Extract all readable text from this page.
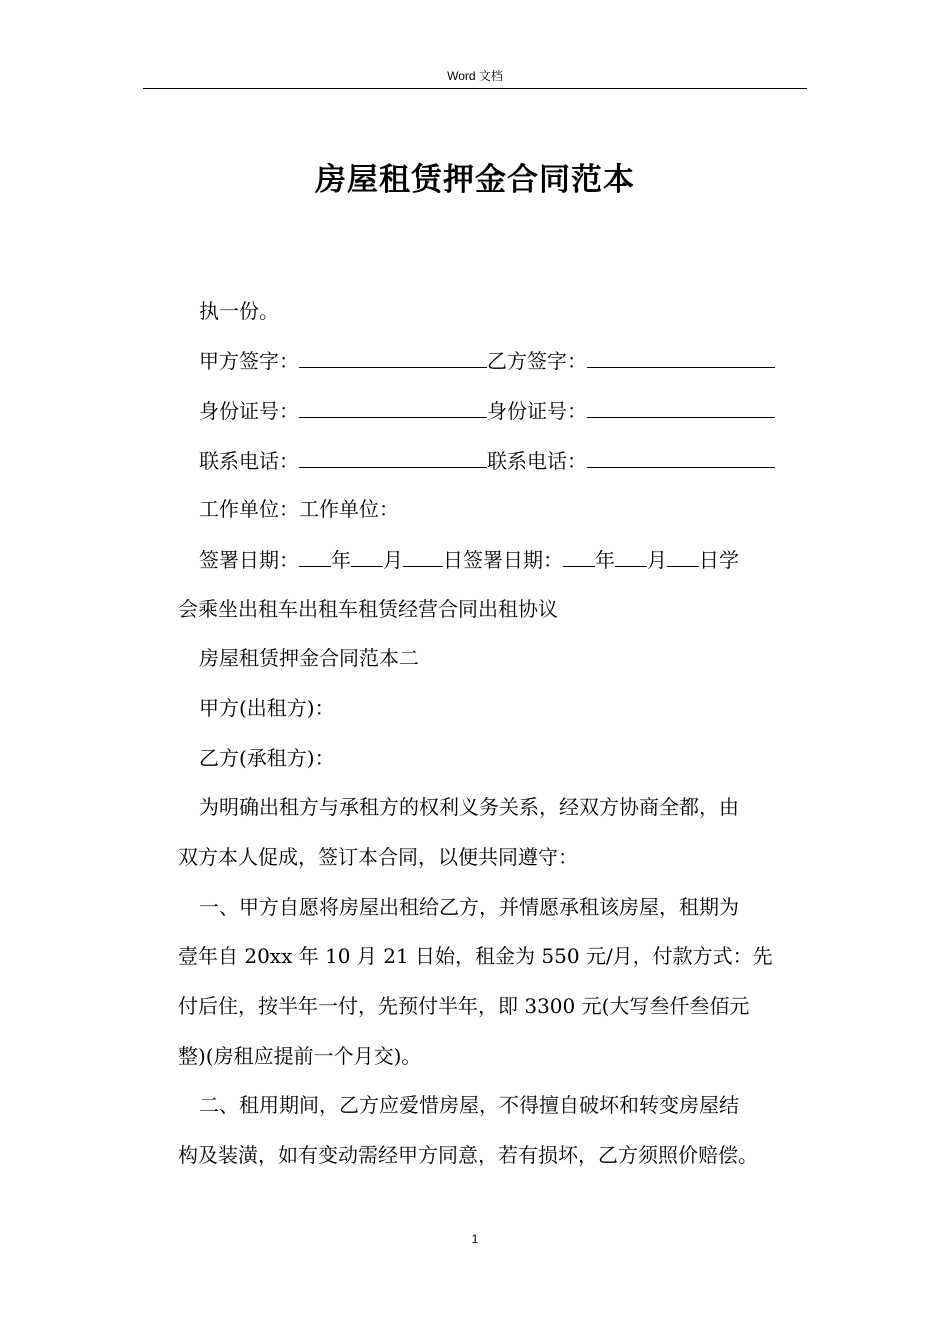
Word 文档
房屋租赁押金合同范本
执一份。
甲方签字：	乙方签字：
身份证号：	身份证号：
联系电话：	联系电话：
工作单位：工作单位：
签署日期： 年 月 日签署日期： 年 月 日学
会乘坐出租车出租车租赁经营合同出租协议
房屋租赁押金合同范本二
甲方(出租方)：
乙方(承租方)：
为明确出租方与承租方的权利义务关系，经双方协商全都，由
双方本人促成，签订本合同，以便共同遵守：
一、甲方自愿将房屋出租给乙方，并情愿承租该房屋，租期为
壹年自 20xx 年 10 月 21 日始，租金为 550 元/月，付款方式：先
付后住，按半年一付，先预付半年，即 3300 元(大写叁仟叁佰元
整)(房租应提前一个月交)。
二、租用期间，乙方应爱惜房屋，不得擅自破坏和转变房屋结
构及装潢，如有变动需经甲方同意，若有损坏，乙方须照价赔偿。
1
